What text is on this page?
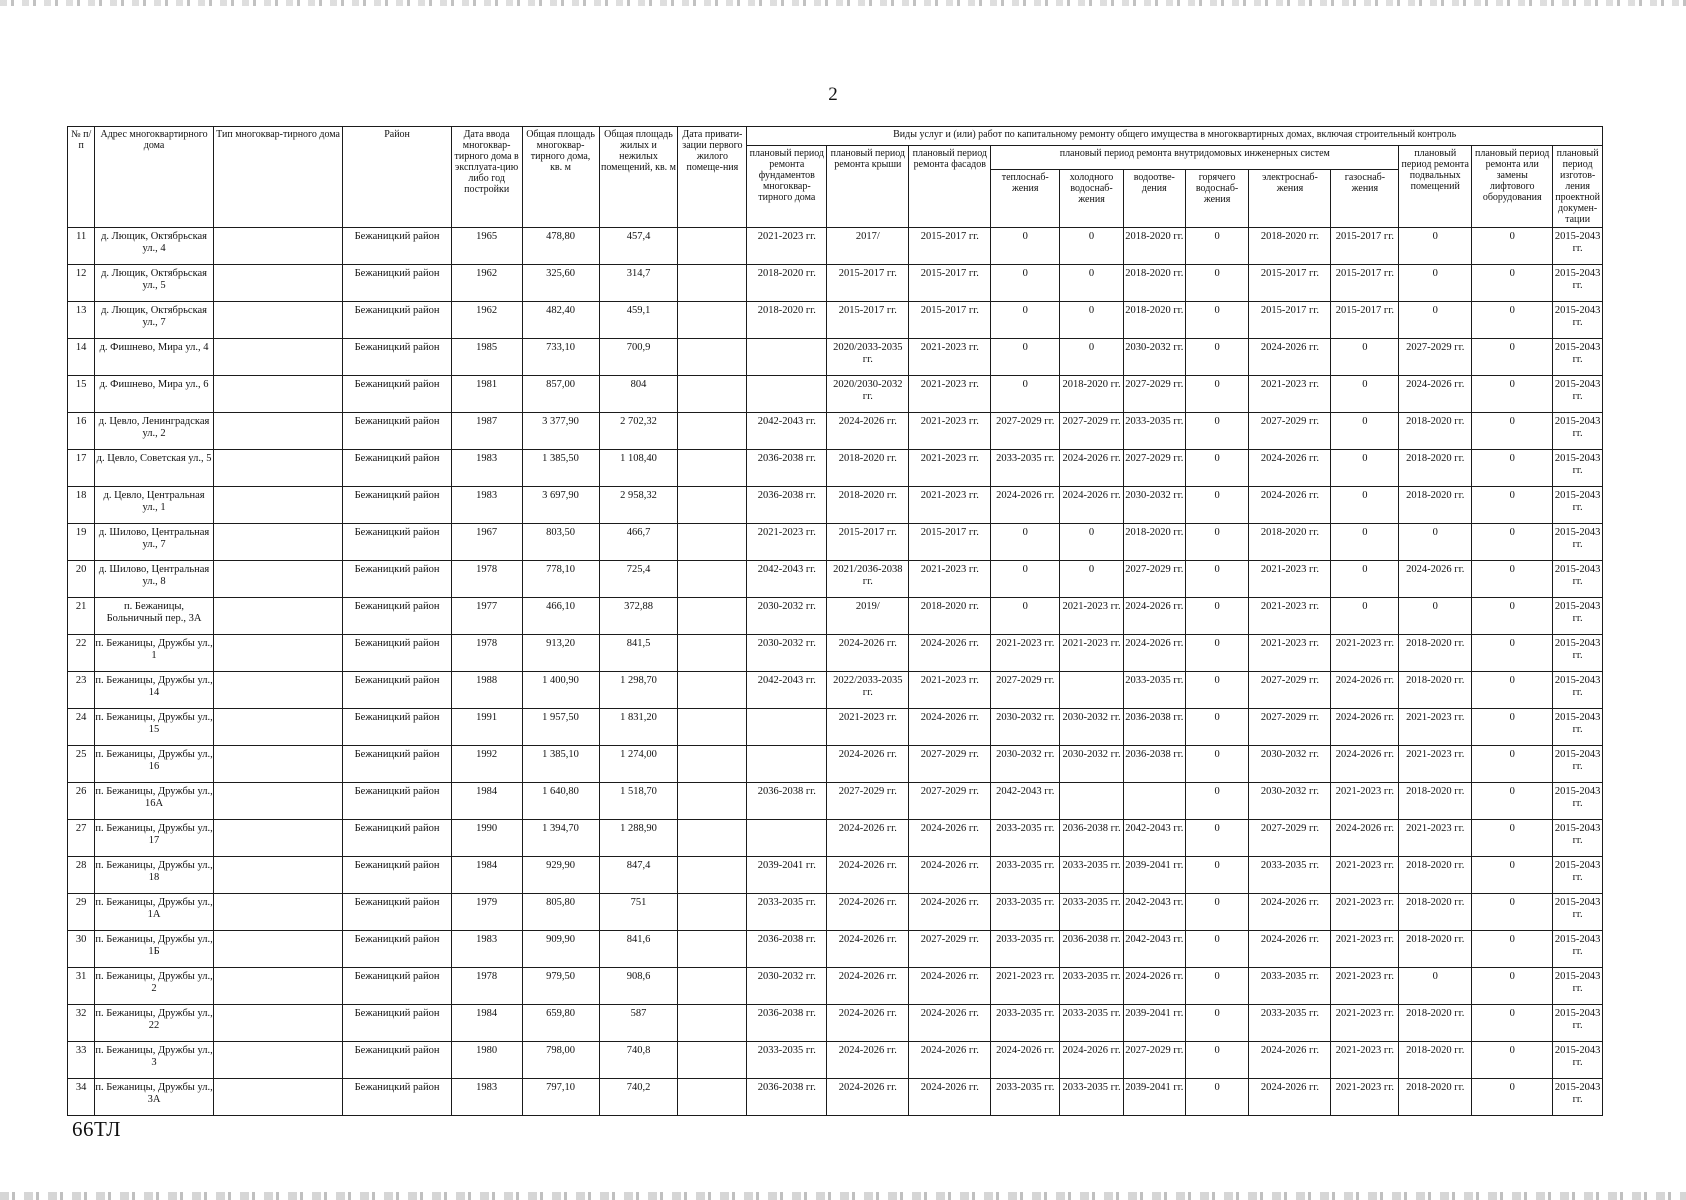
2
№ п/п	Адрес многоквартирного дома	Тип многоквар-тирного дома	Район	Дата ввода многоквар-тирного дома в эксплуата-цию либо год постройки	Общая площадь многоквар-тирного дома, кв. м	Общая площадь жилых и нежилых помещений, кв. м	Дата привати-зации первого жилого помеще-ния	Виды услуг и (или) работ по капитальному ремонту общего имущества в многоквартирных домах, включая строительный контроль											
								плановый период ремонта фундаментов многоквар-тирного дома	плановый период ремонта крыши	плановый период ремонта фасадов	плановый период ремонта внутридомовых инженерных систем						плановый период ремонта подвальных помещений	плановый период ремонта или замены лифтового оборудования	плановый период изготов-ления проектной докумен-тации
											теплоснаб-жения	холодного водоснаб-жения	водоотве-дения	горячего водоснаб-жения	электроснаб-жения	газоснаб-жения			
11	д. Лющик, Октябрьская ул., 4		Бежаницкий район	1965	478,80	457,4		2021-2023 гг.	2017/	2015-2017 гг.	0	0	2018-2020 гг.	0	2018-2020 гг.	2015-2017 гг.	0	0	2015-2043 гг.
12	д. Лющик, Октябрьская ул., 5		Бежаницкий район	1962	325,60	314,7		2018-2020 гг.	2015-2017 гг.	2015-2017 гг.	0	0	2018-2020 гг.	0	2015-2017 гг.	2015-2017 гг.	0	0	2015-2043 гг.
13	д. Лющик, Октябрьская ул., 7		Бежаницкий район	1962	482,40	459,1		2018-2020 гг.	2015-2017 гг.	2015-2017 гг.	0	0	2018-2020 гг.	0	2015-2017 гг.	2015-2017 гг.	0	0	2015-2043 гг.
14	д. Фишнево, Мира ул., 4		Бежаницкий район	1985	733,10	700,9			2020/2033-2035 гг.	2021-2023 гг.	0	0	2030-2032 гг.	0	2024-2026 гг.	0	2027-2029 гг.	0	2015-2043 гг.
15	д. Фишнево, Мира ул., 6		Бежаницкий район	1981	857,00	804			2020/2030-2032 гг.	2021-2023 гг.	0	2018-2020 гг.	2027-2029 гг.	0	2021-2023 гг.	0	2024-2026 гг.	0	2015-2043 гг.
16	д. Цевло, Ленинградская ул., 2		Бежаницкий район	1987	3 377,90	2 702,32		2042-2043 гг.	2024-2026 гг.	2021-2023 гг.	2027-2029 гг.	2027-2029 гг.	2033-2035 гг.	0	2027-2029 гг.	0	2018-2020 гг.	0	2015-2043 гг.
17	д. Цевло, Советская ул., 5		Бежаницкий район	1983	1 385,50	1 108,40		2036-2038 гг.	2018-2020 гг.	2021-2023 гг.	2033-2035 гг.	2024-2026 гг.	2027-2029 гг.	0	2024-2026 гг.	0	2018-2020 гг.	0	2015-2043 гг.
18	д. Цевло, Центральная ул., 1		Бежаницкий район	1983	3 697,90	2 958,32		2036-2038 гг.	2018-2020 гг.	2021-2023 гг.	2024-2026 гг.	2024-2026 гг.	2030-2032 гг.	0	2024-2026 гг.	0	2018-2020 гг.	0	2015-2043 гг.
19	д. Шилово, Центральная ул., 7		Бежаницкий район	1967	803,50	466,7		2021-2023 гг.	2015-2017 гг.	2015-2017 гг.	0	0	2018-2020 гг.	0	2018-2020 гг.	0	0	0	2015-2043 гг.
20	д. Шилово, Центральная ул., 8		Бежаницкий район	1978	778,10	725,4		2042-2043 гг.	2021/2036-2038 гг.	2021-2023 гг.	0	0	2027-2029 гг.	0	2021-2023 гг.	0	2024-2026 гг.	0	2015-2043 гг.
21	п. Бежаницы, Больничный пер., 3А		Бежаницкий район	1977	466,10	372,88		2030-2032 гг.	2019/	2018-2020 гг.	0	2021-2023 гг.	2024-2026 гг.	0	2021-2023 гг.	0	0	0	2015-2043 гг.
22	п. Бежаницы, Дружбы ул., 1		Бежаницкий район	1978	913,20	841,5		2030-2032 гг.	2024-2026 гг.	2024-2026 гг.	2021-2023 гг.	2021-2023 гг.	2024-2026 гг.	0	2021-2023 гг.	2021-2023 гг.	2018-2020 гг.	0	2015-2043 гг.
23	п. Бежаницы, Дружбы ул., 14		Бежаницкий район	1988	1 400,90	1 298,70		2042-2043 гг.	2022/2033-2035 гг.	2021-2023 гг.	2027-2029 гг.		2033-2035 гг.	0	2027-2029 гг.	2024-2026 гг.	2018-2020 гг.	0	2015-2043 гг.
24	п. Бежаницы, Дружбы ул., 15		Бежаницкий район	1991	1 957,50	1 831,20			2021-2023 гг.	2024-2026 гг.	2030-2032 гг.	2030-2032 гг.	2036-2038 гг.	0	2027-2029 гг.	2024-2026 гг.	2021-2023 гг.	0	2015-2043 гг.
25	п. Бежаницы, Дружбы ул., 16		Бежаницкий район	1992	1 385,10	1 274,00			2024-2026 гг.	2027-2029 гг.	2030-2032 гг.	2030-2032 гг.	2036-2038 гг.	0	2030-2032 гг.	2024-2026 гг.	2021-2023 гг.	0	2015-2043 гг.
26	п. Бежаницы, Дружбы ул., 16А		Бежаницкий район	1984	1 640,80	1 518,70		2036-2038 гг.	2027-2029 гг.	2027-2029 гг.	2042-2043 гг.			0	2030-2032 гг.	2021-2023 гг.	2018-2020 гг.	0	2015-2043 гг.
27	п. Бежаницы, Дружбы ул., 17		Бежаницкий район	1990	1 394,70	1 288,90			2024-2026 гг.	2024-2026 гг.	2033-2035 гг.	2036-2038 гг.	2042-2043 гг.	0	2027-2029 гг.	2024-2026 гг.	2021-2023 гг.	0	2015-2043 гг.
28	п. Бежаницы, Дружбы ул., 18		Бежаницкий район	1984	929,90	847,4		2039-2041 гг.	2024-2026 гг.	2024-2026 гг.	2033-2035 гг.	2033-2035 гг.	2039-2041 гг.	0	2033-2035 гг.	2021-2023 гг.	2018-2020 гг.	0	2015-2043 гг.
29	п. Бежаницы, Дружбы ул., 1А		Бежаницкий район	1979	805,80	751		2033-2035 гг.	2024-2026 гг.	2024-2026 гг.	2033-2035 гг.	2033-2035 гг.	2042-2043 гг.	0	2024-2026 гг.	2021-2023 гг.	2018-2020 гг.	0	2015-2043 гг.
30	п. Бежаницы, Дружбы ул., 1Б		Бежаницкий район	1983	909,90	841,6		2036-2038 гг.	2024-2026 гг.	2027-2029 гг.	2033-2035 гг.	2036-2038 гг.	2042-2043 гг.	0	2024-2026 гг.	2021-2023 гг.	2018-2020 гг.	0	2015-2043 гг.
31	п. Бежаницы, Дружбы ул., 2		Бежаницкий район	1978	979,50	908,6		2030-2032 гг.	2024-2026 гг.	2024-2026 гг.	2021-2023 гг.	2033-2035 гг.	2024-2026 гг.	0	2033-2035 гг.	2021-2023 гг.	0	0	2015-2043 гг.
32	п. Бежаницы, Дружбы ул., 22		Бежаницкий район	1984	659,80	587		2036-2038 гг.	2024-2026 гг.	2024-2026 гг.	2033-2035 гг.	2033-2035 гг.	2039-2041 гг.	0	2033-2035 гг.	2021-2023 гг.	2018-2020 гг.	0	2015-2043 гг.
33	п. Бежаницы, Дружбы ул., 3		Бежаницкий район	1980	798,00	740,8		2033-2035 гг.	2024-2026 гг.	2024-2026 гг.	2024-2026 гг.	2024-2026 гг.	2027-2029 гг.	0	2024-2026 гг.	2021-2023 гг.	2018-2020 гг.	0	2015-2043 гг.
34	п. Бежаницы, Дружбы ул., 3А		Бежаницкий район	1983	797,10	740,2		2036-2038 гг.	2024-2026 гг.	2024-2026 гг.	2033-2035 гг.	2033-2035 гг.	2039-2041 гг.	0	2024-2026 гг.	2021-2023 гг.	2018-2020 гг.	0	2015-2043 гг.
66ТЛ
